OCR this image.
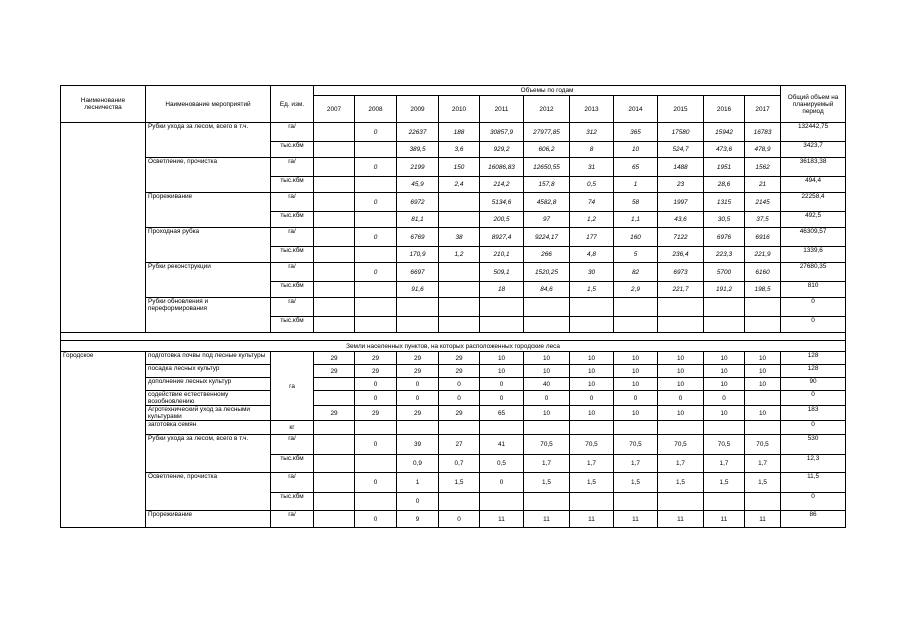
Наименование лесничества	Наименование мероприятий	Ед. изм.	Объемы по годам											Общий объем на планируемый период
			2007	2008	2009	2010	2011	2012	2013	2014	2015	2016	2017	
	Рубки ухода за лесом, всего в т.ч.	га/		0	22637	188	30857,9	27977,85	312	365	17580	15942	16783	132442,75
		тыс.кбм			389,5	3,6	929,2	606,2	8	10	524,7	473,6	478,9	3423,7
	Осветление, прочистка	га/		0	2199	150	16086,83	12650,55	31	65	1488	1951	1562	36183,38
		тыс.кбм			45,9	2,4	214,2	157,8	0,5	1	23	28,6	21	494,4
	Прореживание	га/		0	6972		5134,6	4582,8	74	58	1997	1315	2145	22258,4
		тыс.кбм			81,1		200,5	97	1,2	1,1	43,6	30,5	37,5	492,5
	Проходная рубка	га/		0	6769	38	8927,4	9224,17	177	160	7122	6976	6916	46309,57
		тыс.кбм			170,9	1,2	210,1	266	4,8	5	236,4	223,3	221,9	1339,6
	Рубки реконструкции	га/		0	6697		509,1	1520,25	30	82	6973	5700	6160	27680,35
		тыс.кбм			91,6		18	84,6	1,5	2,9	221,7	191,2	198,5	810
	Рубки обновления и переформирования	га/												0
		тыс.кбм												0

Земли населенных пунктов, на которых расположенных городские леса														
Городское	подготовка почвы под лесные культуры	га	29	29	29	29	10	10	10	10	10	10	10	128
	посадка лесных культур		29	29	29	29	10	10	10	10	10	10	10	128
	дополнение лесных культур			0	0	0	0	40	10	10	10	10	10	90
	содействие естественному возобновлению			0	0	0	0	0	0	0	0	0		0
	Агротехнический уход за лесными культурами		29	29	29	29	65	10	10	10	10	10	10	183
	заготовка семян	кг												0
	Рубки ухода за лесом, всего в т.ч.	га/		0	39	27	41	70,5	70,5	70,5	70,5	70,5	70,5	530
		тыс.кбм			0,9	0,7	0,5	1,7	1,7	1,7	1,7	1,7	1,7	12,3
	Осветление, прочистка	га/		0	1	1,5	0	1,5	1,5	1,5	1,5	1,5	1,5	11,5
		тыс.кбм			0									0
	Прореживание	га/		0	9	0	11	11	11	11	11	11	11	86
